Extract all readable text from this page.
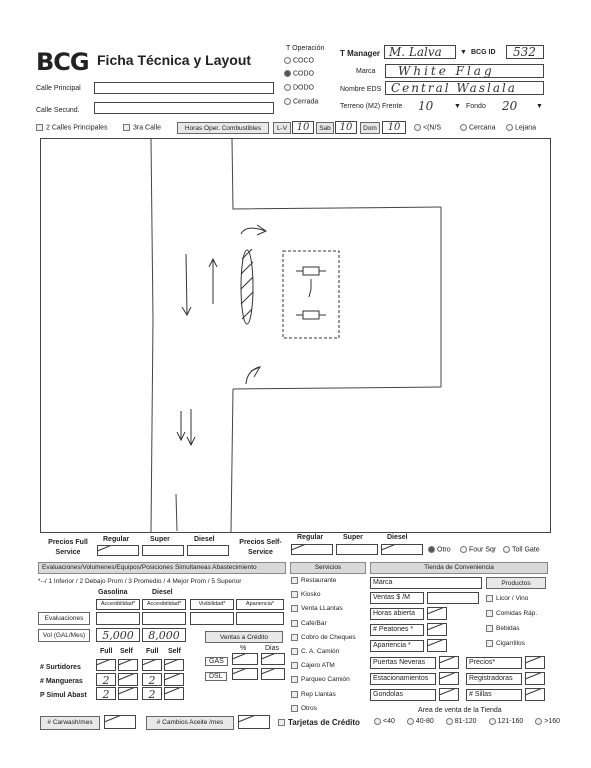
BCG Ficha Técnica y Layout
T Operación
COCO
CODO
DODO
Cerrada
T Manager M. Lalva	▼ BCG ID 532
Marca White Flag
Nombre EDS Central Waslala
Terreno (M2) Frente 10	▼ Fondo 20	▼
Calle Principal
Calle Secund.
2 Calles Principales	3ra Calle	Horas Oper. Combustibles	L-V 10	Sab 10	Dom	10	<(N/S	Cercana	Lejana
Precios Full Service
Regular	Super	Diesel	Precios Self-Service
Regular	Super	Diesel
Otro	Four Sqr	Toll Gate
Evaluaciones/Volumenes/Equipos/Posiciones Simultaneas Abastecimiento	Servicios	Tienda de Conveniencia
*--/ 1 Inferior / 2 Debajo Prom / 3 Promedio / 4 Mejor Prom / 5 Superior
Gasolina	Diesel
Accesibilidad*	Accesibilidad*	Visibilidad*	Apariencia*
Evaluaciones
Vol (GAL/Mes)	5,000	8,000	Ventas a Crédito
%	Dias
GAS
DSL
Full Self Full Self
# Surtidores
# Mangueras	2	2
P Simul Abast	2	2
# Carwash/mes	# Cambios Aceite /mes
Restaurante
Kiosko
Venta LLantas
Café/Bar
Cobro de Cheques
C. A. Camión
Cajero ATM
Parqueo Camión
Rep Llantas
Otros
Tarjetas de Crédito
Marca	Productos
Ventas $ /M
Horas abierta
# Peatones *
Apariencia *
Licor / Vino
Comidas Ráp.
Bebidas
Cigarrillos
Puertas Neveras
Estacionamientos
Gondolas
Precios*
Registradoras
# Sillas
Area de venta de la Tienda
<40	40-80	81-120	121-160	>160
